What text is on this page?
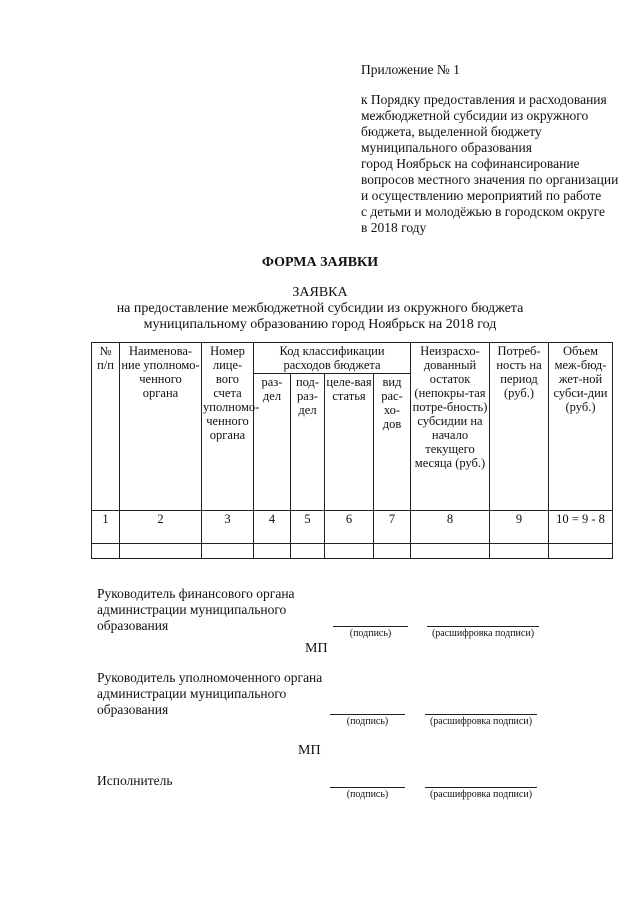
Приложение № 1
к Порядку предоставления и расходования
межбюджетной субсидии из окружного
бюджета, выделенной бюджету
муниципального образования
город Ноябрьск на софинансирование
вопросов местного значения по организации
и осуществлению мероприятий по работе
с детьми и молодёжью в городском округе
в 2018 году
ФОРМА ЗАЯВКИ
ЗАЯВКА
на предоставление межбюджетной субсидии из окружного бюджета
муниципальному образованию город Ноябрьск на 2018 год
№ п/п	Наименова-ние уполномо-ченного органа	Номер лице-вого счета уполномо-ченного органа	Код классификации расходов бюджета				Неизрасхо-дованный остаток (непокры-тая потре-бность) субсидии на начало текущего месяца (руб.)	Потреб-ность на период (руб.)	Объем меж-бюд-жет-ной субси-дии (руб.)
			раз-дел	под-раз-дел	целе-вая статья	вид рас-хо-дов			
1	2	3	4	5	6	7	8	9	10 = 9 - 8

Руководитель финансового органа администрации муниципального образования
(подпись)	(расшифровка подписи)
МП
Руководитель уполномоченного органа администрации муниципального образования
(подпись)	(расшифровка подписи)
МП
Исполнитель
(подпись)	(расшифровка подписи)
